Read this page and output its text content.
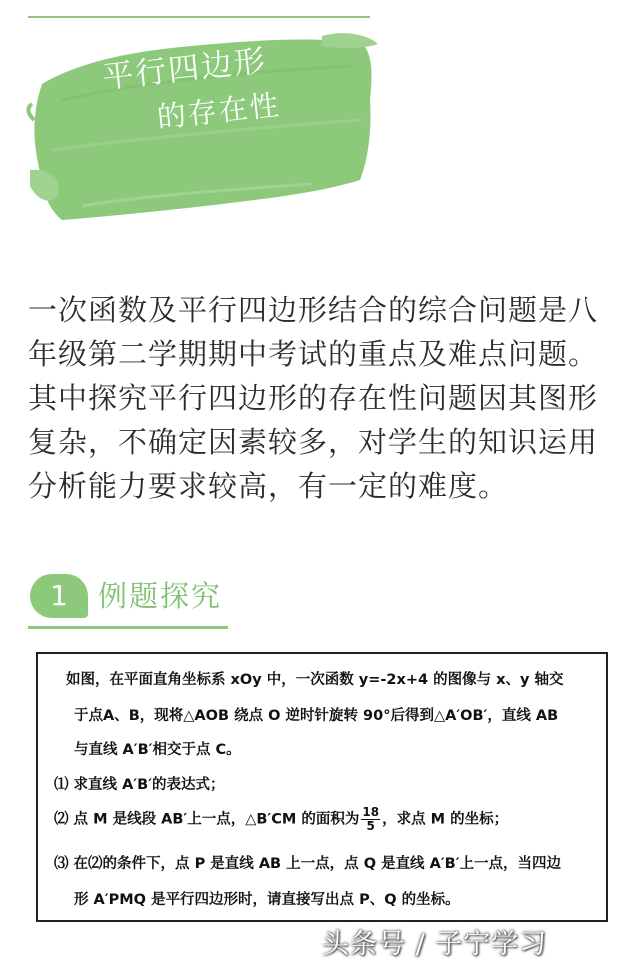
平行四边形
的存在性

一次函数及平行四边形结合的综合问题是八年级第二学期期中考试的重点及难点问题。其中探究平行四边形的存在性问题因其图形复杂，不确定因素较多，对学生的知识运用分析能力要求较高，有一定的难度。

1	例题探究
如图，在平面直角坐标系 xOy 中，一次函数 y=-2x+4 的图像与 x、y 轴交
于点A、B，现将△AOB 绕点 O 逆时针旋转 90°后得到△A′OB′，直线 AB
与直线 A′B′相交于点 C。
⑴ 求直线 A′B′的表达式；
⑵ 点 M 是线段 AB′上一点，△B′CM 的面积为 $\frac{18}{5}$ ，求点 M 的坐标；
⑶ 在⑵的条件下，点 P 是直线 AB 上一点，点 Q 是直线 A′B′上一点，当四边
形 A′PMQ 是平行四边形时，请直接写出点 P、Q 的坐标。
头条号 / 子宁学习
